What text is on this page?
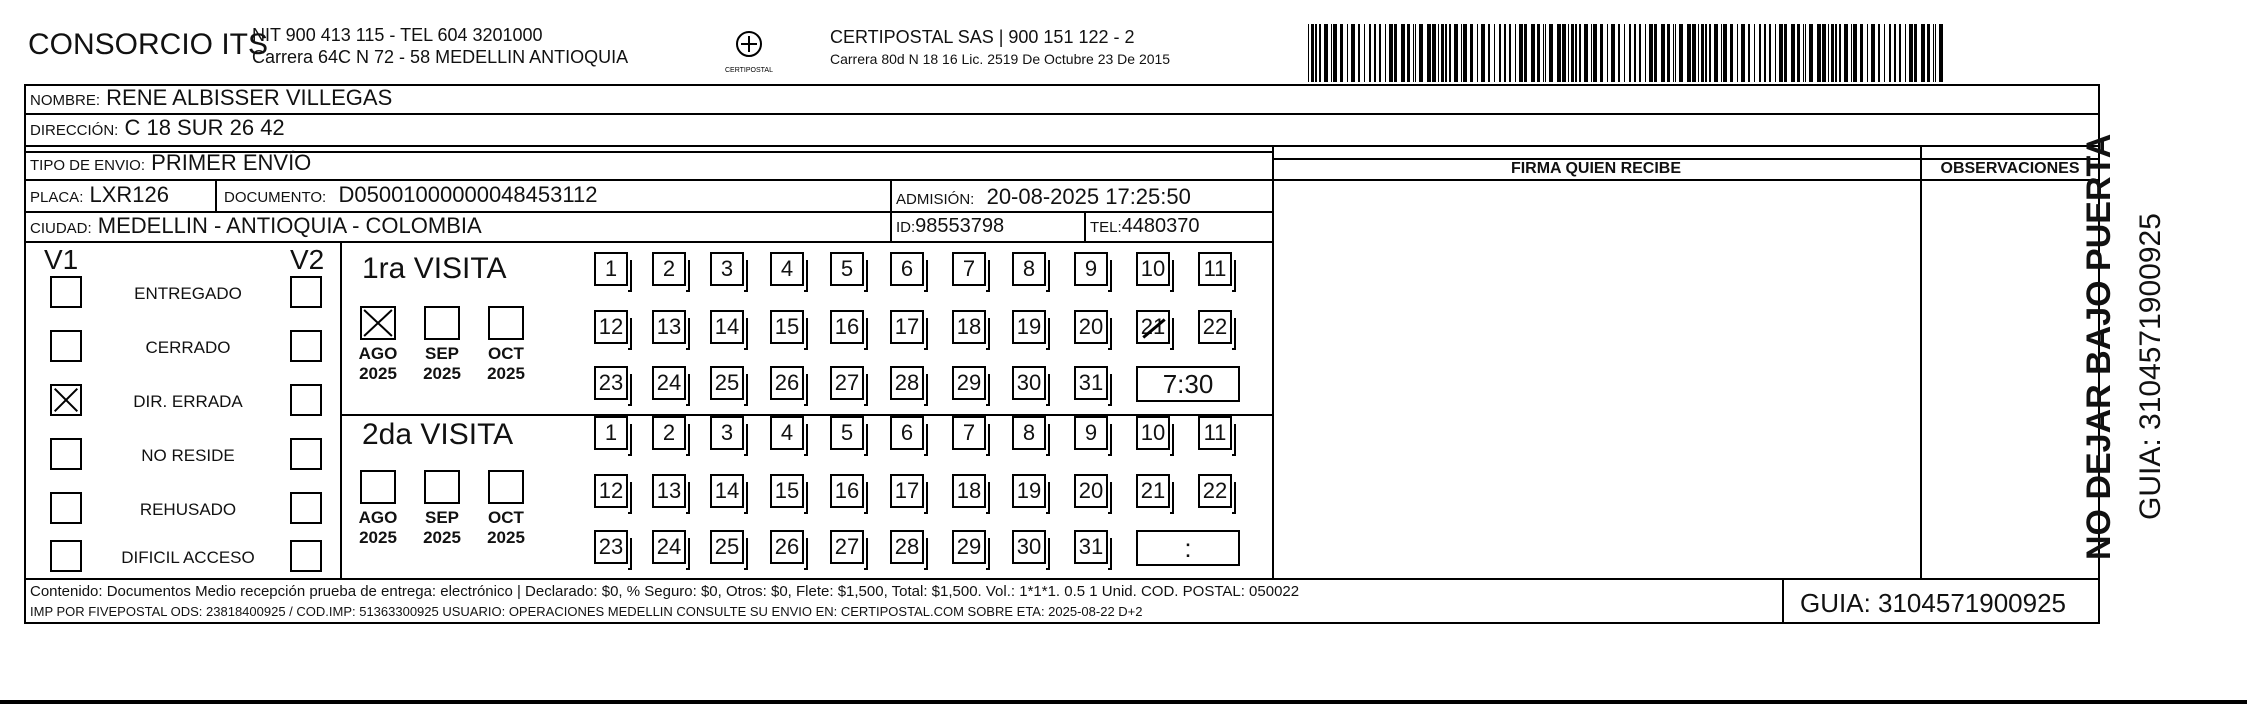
CONSORCIO ITS
NIT 900 413 115 - TEL 604 3201000
Carrera 64C N 72 - 58 MEDELLIN ANTIOQUIA
CERTIPOSTAL
CERTIPOSTAL SAS | 900 151 122 - 2
Carrera 80d N 18 16 Lic. 2519 De Octubre 23 De 2015
NOMBRE: RENE ALBISSER VILLEGAS
DIRECCIÓN: C 18 SUR 26 42
TIPO DE ENVIO: PRIMER ENVÍO	FIRMA QUIEN RECIBE	OBSERVACIONES
PLACA: LXR126	DOCUMENTO: D05001000000048453112	ADMISIÓN: 20-08-2025 17:25:50
CIUDAD: MEDELLIN - ANTIOQUIA - COLOMBIA	ID:98553798	TEL:4480370
V1	V2
ENTREGADO
CERRADO
DIR. ERRADA
NO RESIDE
REHUSADO
DIFICIL ACCESO
1ra VISITA
2da VISITA
AGO
2025
SEP
2025
OCT
2025
1	2	3	4	5	6	7	8	9	10 11
12 13 14 15 16 17 18 19 20 21 22
23 24 25 26 27 28 29 30 31	7:30
AGO
2025
SEP
2025
OCT
2025
1	2	3	4	5	6	7	8	9	10 11
12 13 14 15 16 17 18 19 20 21 22
23 24 25 26 27 28 29 30 31	:
Contenido: Documentos Medio recepción prueba de entrega: electrónico | Declarado: $0, % Seguro: $0, Otros: $0, Flete: $1,500, Total: $1,500. Vol.: 1*1*1. 0.5 1 Unid. COD. POSTAL: 050022
IMP POR FIVEPOSTAL ODS: 23818400925 / COD.IMP: 51363300925 USUARIO: OPERACIONES MEDELLIN CONSULTE SU ENVIO EN: CERTIPOSTAL.COM SOBRE ETA: 2025-08-22 D+2	GUIA: 3104571900925
NO DEJAR BAJO PUERTA GUIA: 3104571900925
